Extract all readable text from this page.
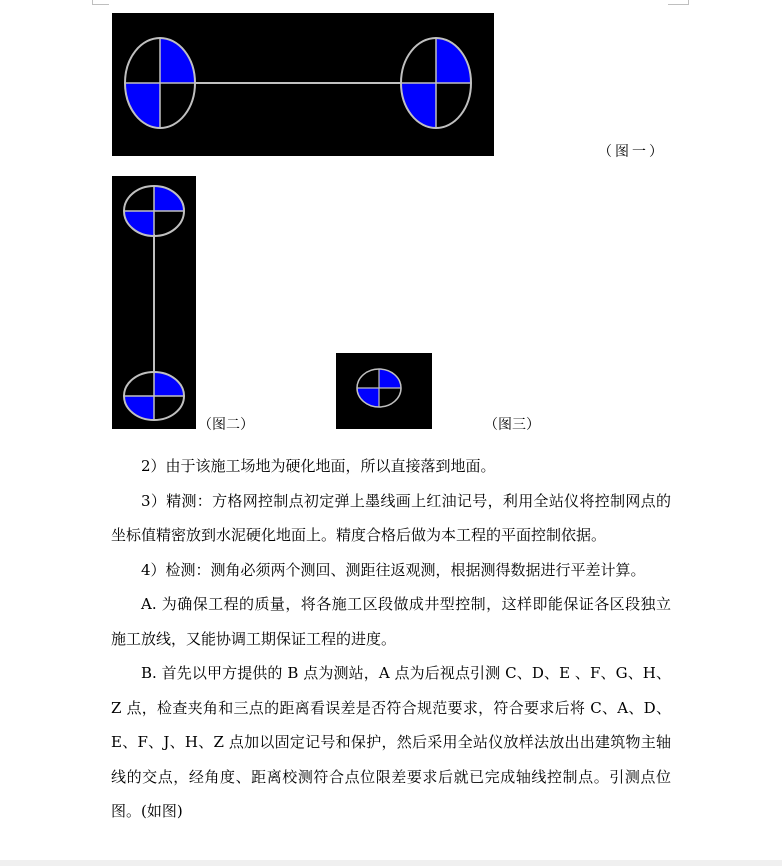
（图一）
（图二）	（图三）

2）由于该施工场地为硬化地面，所以直接落到地面。

3）精测：方格网控制点初定弹上墨线画上红油记号，利用全站仪将控制网点的坐标值精密放到水泥硬化地面上。精度合格后做为本工程的平面控制依据。

4）检测：测角必须两个测回、测距往返观测，根据测得数据进行平差计算。

A. 为确保工程的质量，将各施工区段做成井型控制，这样即能保证各区段独立施工放线，又能协调工期保证工程的进度。

B. 首先以甲方提供的 B 点为测站，A 点为后视点引测 C、D、E 、F、G、H、Z 点，检查夹角和三点的距离看误差是否符合规范要求，符合要求后将 C、A、D、E、F、J、H、Z 点加以固定记号和保护，然后采用全站仪放样法放出出建筑物主轴线的交点，经角度、距离校测符合点位限差要求后就已完成轴线控制点。引测点位图。(如图)
